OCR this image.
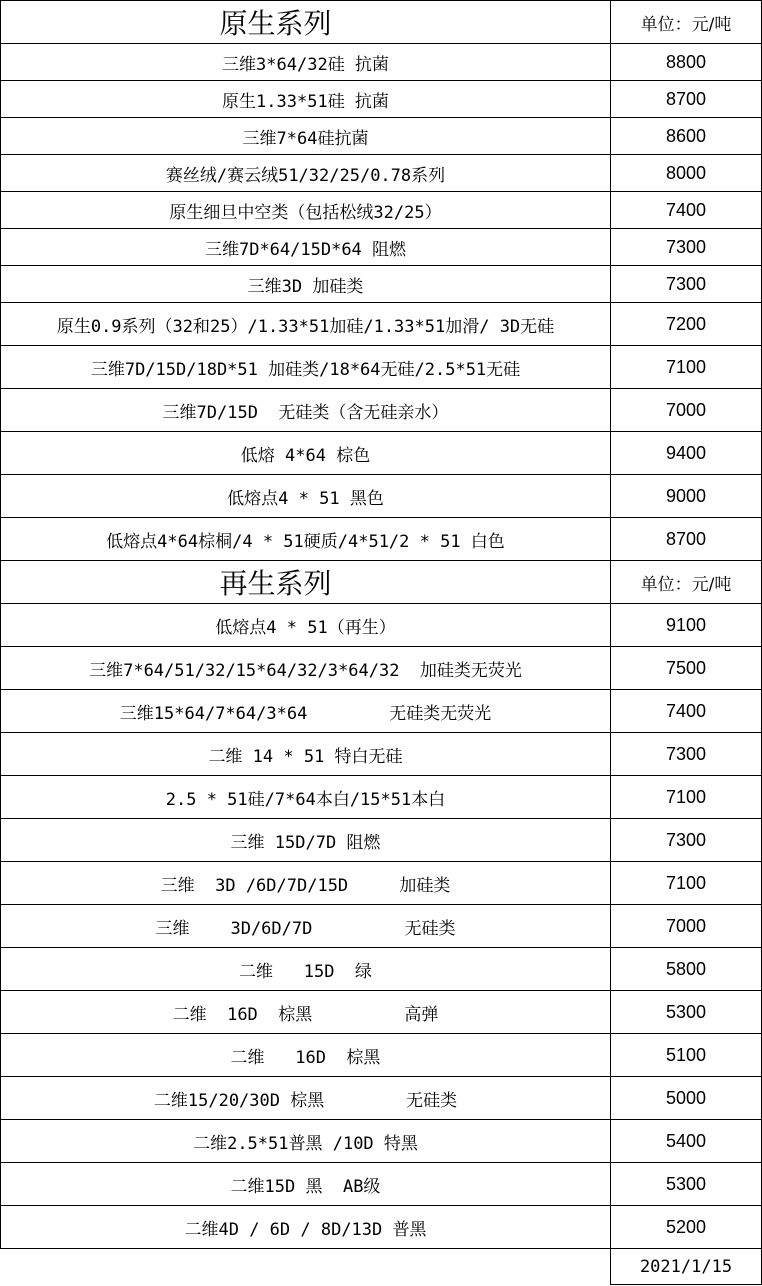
原生系列	单位：元/吨
三维3*64/32硅 抗菌	8800
原生1.33*51硅 抗菌	8700
三维7*64硅抗菌	8600
赛丝绒/赛云绒51/32/25/0.78系列	8000
原生细旦中空类（包括松绒32/25）	7400
三维7D*64/15D*64 阻燃	7300
三维3D 加硅类	7300
原生0.9系列（32和25）/1.33*51加硅/1.33*51加滑/ 3D无硅	7200
三维7D/15D/18D*51 加硅类/18*64无硅/2.5*51无硅	7100
三维7D/15D  无硅类（含无硅亲水）	7000
低熔 4*64 棕色	9400
低熔点4 * 51 黑色	9000
低熔点4*64棕桐/4 * 51硬质/4*51/2 * 51 白色	8700
再生系列	单位：元/吨
低熔点4 * 51（再生）	9100
三维7*64/51/32/15*64/32/3*64/32  加硅类无荧光	7500
三维15*64/7*64/3*64        无硅类无荧光	7400
二维 14 * 51 特白无硅	7300
2.5 * 51硅/7*64本白/15*51本白	7100
三维 15D/7D 阻燃	7300
三维  3D /6D/7D/15D     加硅类	7100
三维    3D/6D/7D         无硅类	7000
二维   15D  绿	5800
二维  16D  棕黑         高弹	5300
二维   16D  棕黑	5100
二维15/20/30D 棕黑        无硅类	5000
二维2.5*51普黑 /10D 特黑	5400
二维15D 黑  AB级	5300
二维4D / 6D / 8D/13D 普黑	5200
	2021/1/15
